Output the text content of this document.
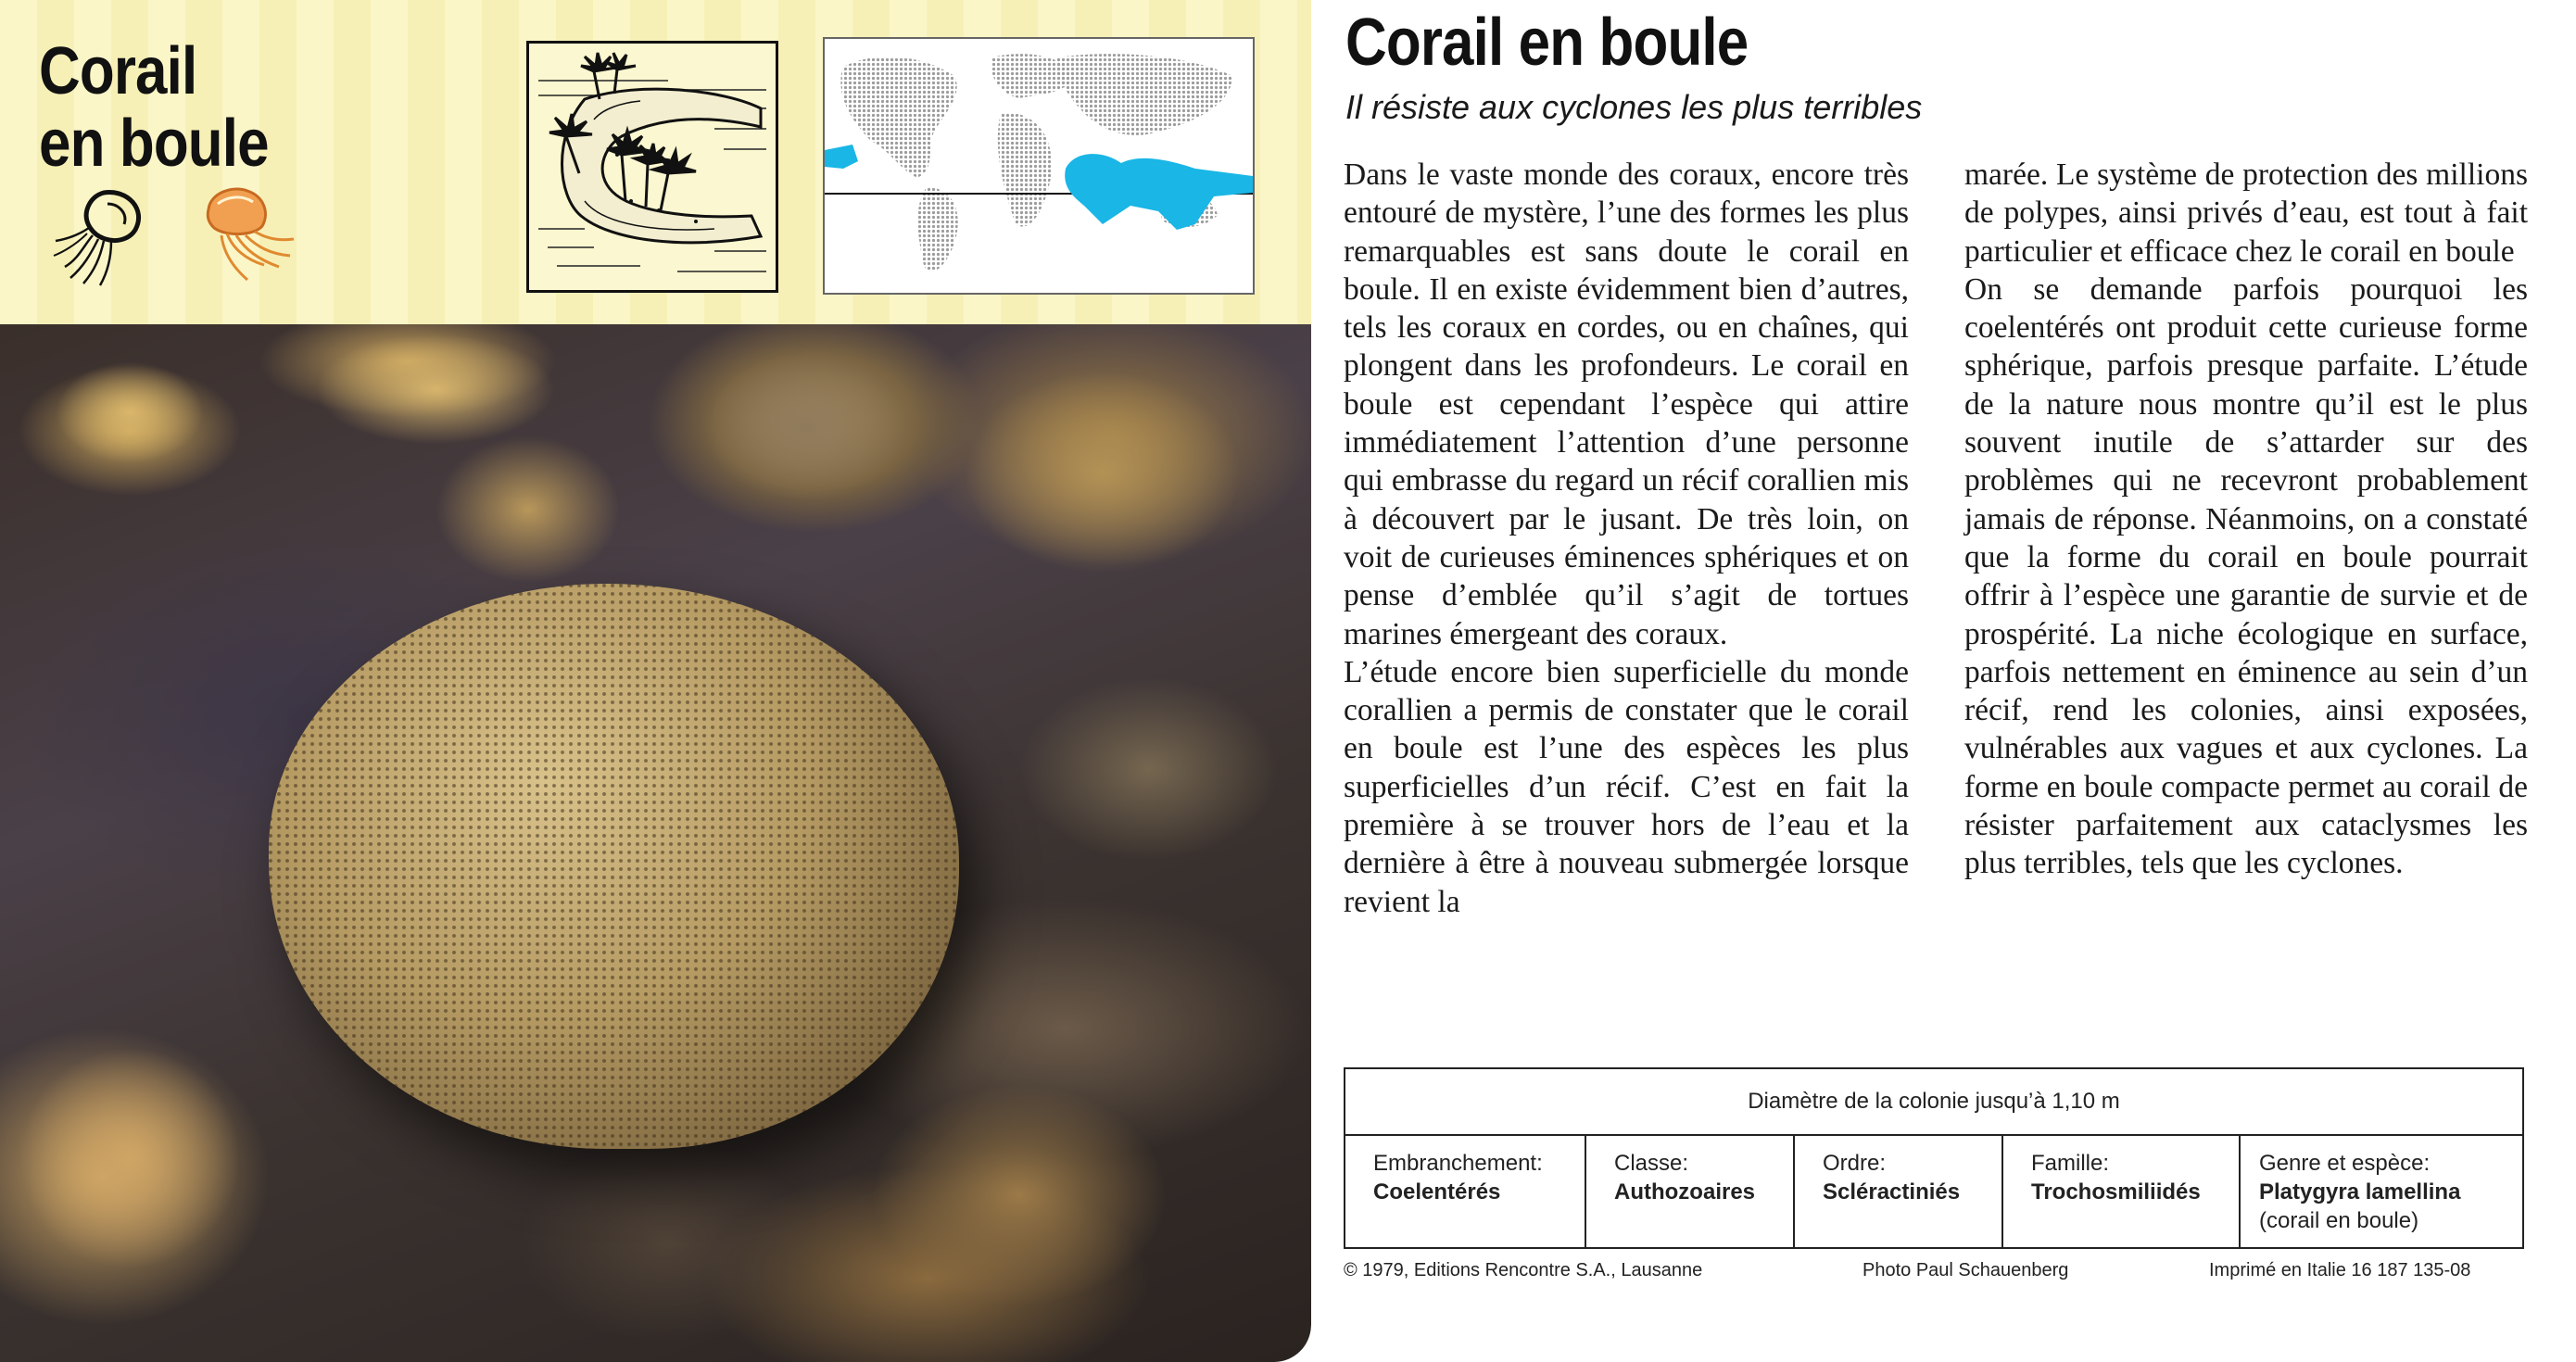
Corail
en boule
Corail en boule
Il résiste aux cyclones les plus terribles

Dans le vaste monde des coraux, encore très entouré de mystère, l’une des formes les plus remarquables est sans doute le corail en boule. Il en existe évidemment bien d’autres, tels les coraux en cordes, ou en chaînes, qui plongent dans les profondeurs. Le corail en boule est cependant l’espèce qui attire immédiatement l’attention d’une personne qui embrasse du regard un récif corallien mis à découvert par le jusant. De très loin, on voit de curieuses éminences sphériques et on pense d’emblée qu’il s’agit de tortues marines émergeant des coraux.

L’étude encore bien superficielle du monde corallien a permis de constater que le corail en boule est l’une des espèces les plus superficielles d’un récif. C’est en fait la première à se trouver hors de l’eau et la dernière à être à nouveau submergée lorsque revient la

marée. Le système de protection des millions de polypes, ainsi privés d’eau, est tout à fait particulier et efficace chez le corail en boule

On se demande parfois pourquoi les coelentérés ont produit cette curieuse forme sphérique, parfois presque parfaite. L’étude de la nature nous montre qu’il est le plus souvent inutile de s’attarder sur des problèmes qui ne recevront probablement jamais de réponse. Néanmoins, on a constaté que la forme du corail en boule pourrait offrir à l’espèce une garantie de survie et de prospérité. La niche écologique en surface, parfois nettement en éminence au sein d’un récif, rend les colonies, ainsi exposées, vulnérables aux vagues et aux cyclones. La forme en boule compacte permet au corail de résister parfaitement aux cataclysmes les plus terribles, tels que les cyclones.

Diamètre de la colonie jusqu’à 1,10 m
Embranchement:
Coelentérés
Classe:
Authozoaires
Ordre:
Scléractiniés
Famille:
Trochosmiliidés
Genre et espèce:
Platygyra lamellina
(corail en boule)
© 1979, Editions Rencontre S.A., Lausanne	Photo Paul Schauenberg	Imprimé en Italie 16 187 135-08
